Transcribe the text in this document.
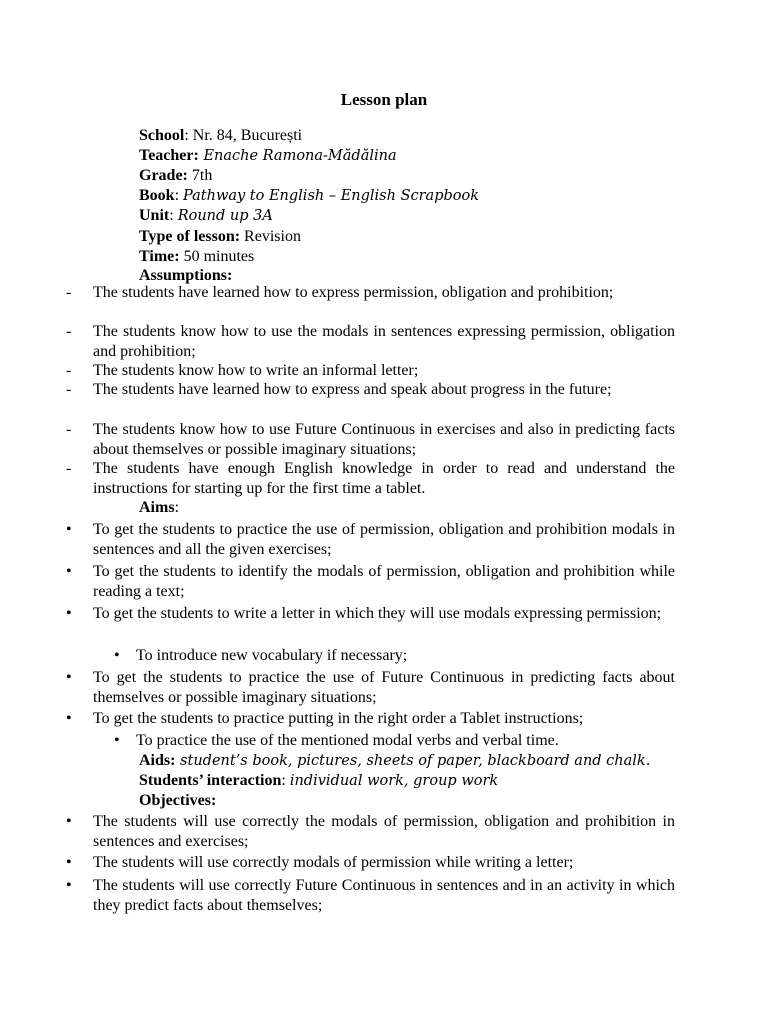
Lesson plan
School: Nr. 84, București
Teacher: Enache Ramona-Mădălina
Grade: 7th
Book: Pathway to English – English Scrapbook
Unit: Round up 3A
Type of lesson: Revision
Time: 50 minutes
Assumptions:
- The students have learned how to express permission, obligation and prohibition;
- The students know how to use the modals in sentences expressing permission, obligation and prohibition;
- The students know how to write an informal letter;
- The students have learned how to express and speak about progress in the future;
- The students know how to use Future Continuous in exercises and also in predicting facts about themselves or possible imaginary situations;
- The students have enough English knowledge in order to read and understand the instructions for starting up for the first time a tablet.
Aims:
• To get the students to practice the use of permission, obligation and prohibition modals in sentences and all the given exercises;
• To get the students to identify the modals of permission, obligation and prohibition while reading a text;
• To get the students to write a letter in which they will use modals expressing permission;
• To introduce new vocabulary if necessary;
• To get the students to practice the use of Future Continuous in predicting facts about themselves or possible imaginary situations;
• To get the students to practice putting in the right order a Tablet instructions;
• To practice the use of the mentioned modal verbs and verbal time.
Aids: student’s book, pictures, sheets of paper, blackboard and chalk.
Students’ interaction: individual work, group work
Objectives:
• The students will use correctly the modals of permission, obligation and prohibition in sentences and exercises;
• The students will use correctly modals of permission while writing a letter;
• The students will use correctly Future Continuous in sentences and in an activity in which they predict facts about themselves;
